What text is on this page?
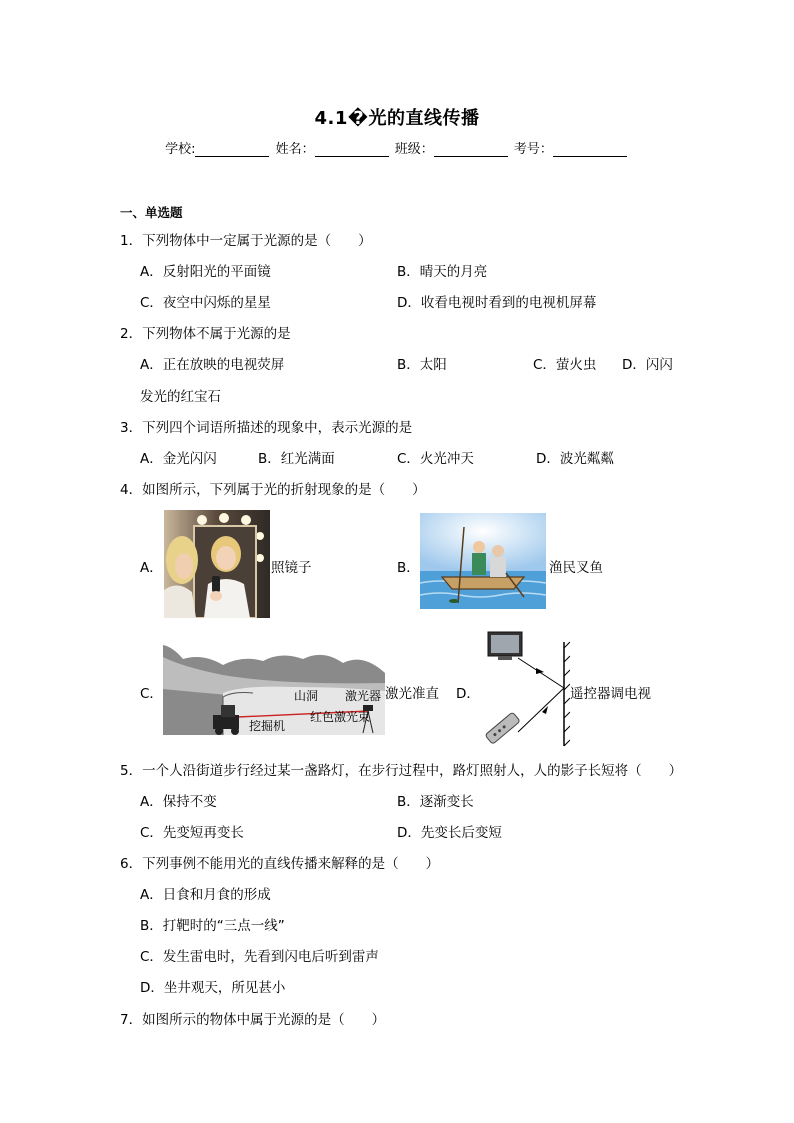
4.1�光的直线传播
学校:	姓名：	班级：	考号：
一、单选题
1．下列物体中一定属于光源的是（　　）
A．反射阳光的平面镜	B．晴天的月亮
C．夜空中闪烁的星星	D．收看电视时看到的电视机屏幕
2．下列物体不属于光源的是
A．正在放映的电视荧屏	B．太阳	C．萤火虫 D．闪闪
发光的红宝石
3．下列四个词语所描述的现象中，表示光源的是
A．金光闪闪	B．红光满面	C．火光冲天	D．波光粼粼
4．如图所示，下列属于光的折射现象的是（　　）
A．	照镜子	B．	渔民叉鱼
C．	山洞 激光器
红色激光束
挖掘机
激光准直 D．	遥控器调电视
5．一个人沿街道步行经过某一盏路灯，在步行过程中，路灯照射人，人的影子长短将（　　）
A．保持不变	B．逐渐变长
C．先变短再变长	D．先变长后变短
6．下列事例不能用光的直线传播来解释的是（　　）
A．日食和月食的形成
B．打靶时的“三点一线”
C．发生雷电时，先看到闪电后听到雷声
D．坐井观天，所见甚小
7．如图所示的物体中属于光源的是（　　）
